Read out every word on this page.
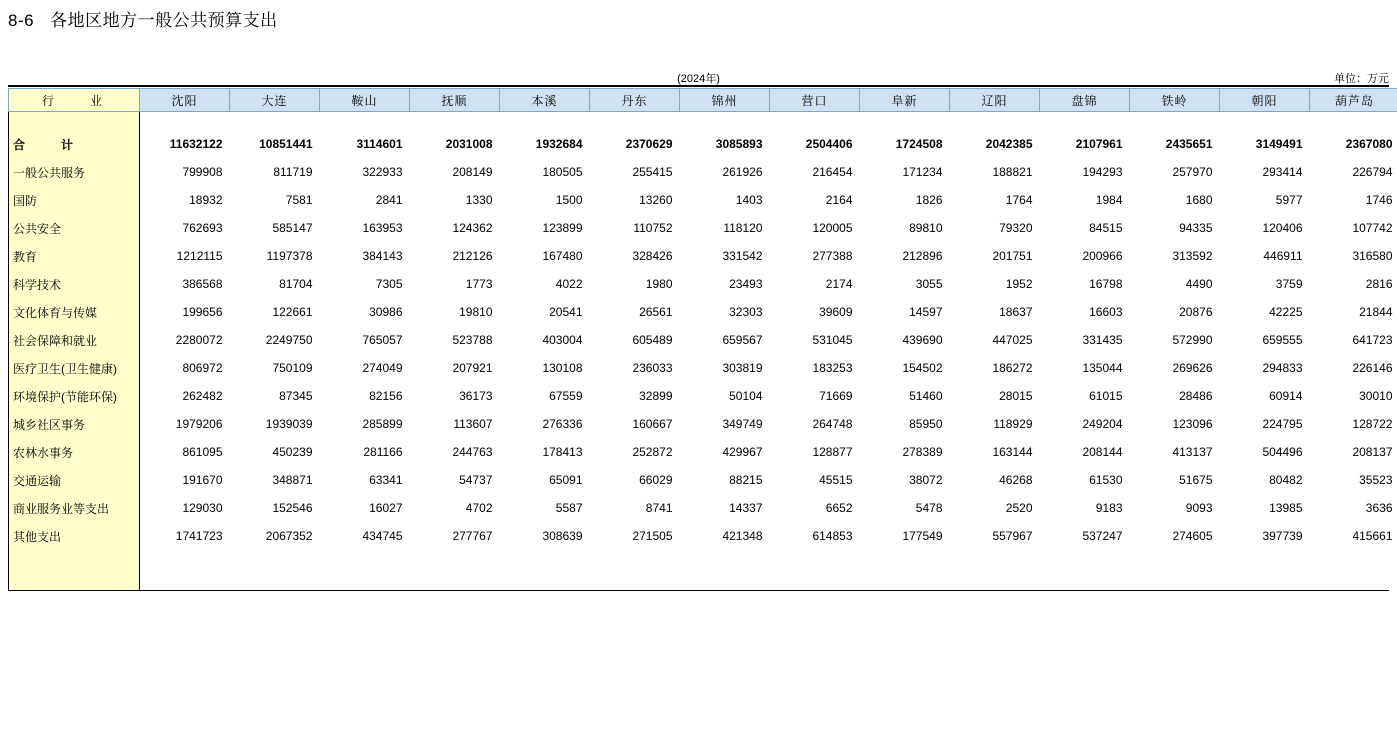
8-6 各地区地方一般公共预算支出
(2024年)	单位：万元
行　　业	沈阳	大连	鞍山	抚顺	本溪	丹东	锦州	营口	阜新	辽阳	盘锦	铁岭	朝阳	葫芦岛

合　　计	11632122	10851441	3114601	2031008	1932684	2370629	3085893	2504406	1724508	2042385	2107961	2435651	3149491	2367080
一般公共服务	799908	811719	322933	208149	180505	255415	261926	216454	171234	188821	194293	257970	293414	226794
国防	18932	7581	2841	1330	1500	13260	1403	2164	1826	1764	1984	1680	5977	1746
公共安全	762693	585147	163953	124362	123899	110752	118120	120005	89810	79320	84515	94335	120406	107742
教育	1212115	1197378	384143	212126	167480	328426	331542	277388	212896	201751	200966	313592	446911	316580
科学技术	386568	81704	7305	1773	4022	1980	23493	2174	3055	1952	16798	4490	3759	2816
文化体育与传媒	199656	122661	30986	19810	20541	26561	32303	39609	14597	18637	16603	20876	42225	21844
社会保障和就业	2280072	2249750	765057	523788	403004	605489	659567	531045	439690	447025	331435	572990	659555	641723
医疗卫生(卫生健康)	806972	750109	274049	207921	130108	236033	303819	183253	154502	186272	135044	269626	294833	226146
环境保护(节能环保)	262482	87345	82156	36173	67559	32899	50104	71669	51460	28015	61015	28486	60914	30010
城乡社区事务	1979206	1939039	285899	113607	276336	160667	349749	264748	85950	118929	249204	123096	224795	128722
农林水事务	861095	450239	281166	244763	178413	252872	429967	128877	278389	163144	208144	413137	504496	208137
交通运输	191670	348871	63341	54737	65091	66029	88215	45515	38072	46268	61530	51675	80482	35523
商业服务业等支出	129030	152546	16027	4702	5587	8741	14337	6652	5478	2520	9183	9093	13985	3636
其他支出	1741723	2067352	434745	277767	308639	271505	421348	614853	177549	557967	537247	274605	397739	415661
